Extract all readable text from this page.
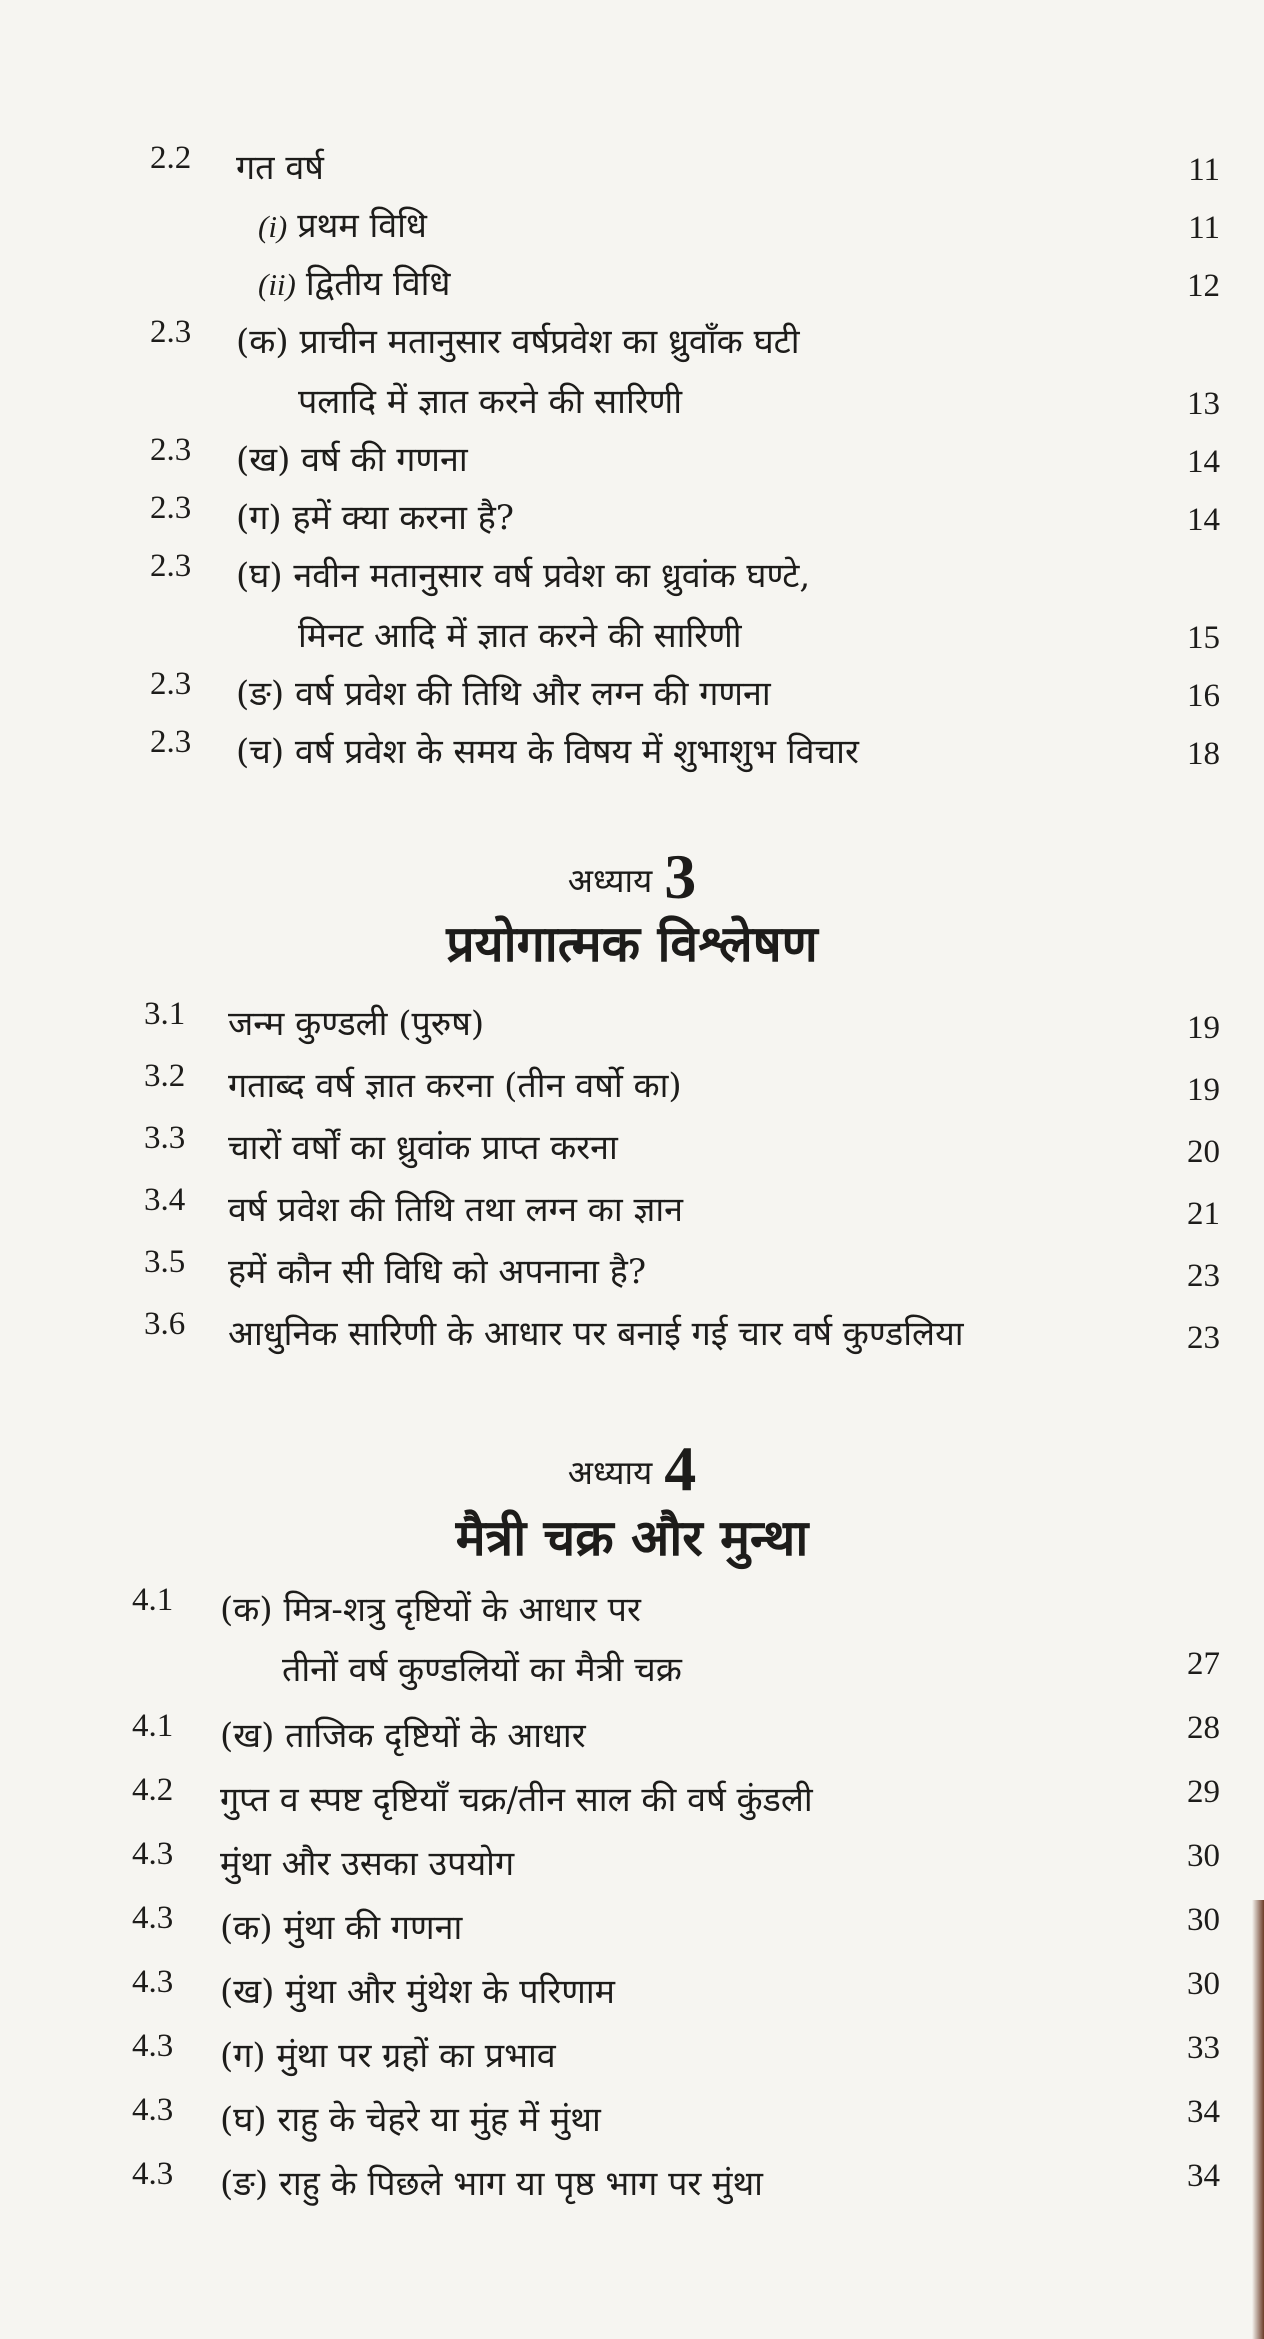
2.2 गत वर्ष	11
(i) प्रथम विधि	11
(ii) द्वितीय विधि	12
2.3 (क) प्राचीन मतानुसार वर्षप्रवेश का ध्रुवाँक घटी
पलादि में ज्ञात करने की सारिणी	13
2.3 (ख) वर्ष की गणना	14
2.3 (ग) हमें क्या करना है?	14
2.3 (घ) नवीन मतानुसार वर्ष प्रवेश का ध्रुवांक घण्टे,
मिनट आदि में ज्ञात करने की सारिणी	15
2.3 (ङ) वर्ष प्रवेश की तिथि और लग्न की गणना	16
2.3 (च) वर्ष प्रवेश के समय के विषय में शुभाशुभ विचार	18
अध्याय 3
प्रयोगात्मक विश्लेषण
3.1 जन्म कुण्डली (पुरुष)	19
3.2 गताब्द वर्ष ज्ञात करना (तीन वर्षो का)	19
3.3 चारों वर्षों का ध्रुवांक प्राप्त करना	20
3.4 वर्ष प्रवेश की तिथि तथा लग्न का ज्ञान	21
3.5 हमें कौन सी विधि को अपनाना है?	23
3.6 आधुनिक सारिणी के आधार पर बनाई गई चार वर्ष कुण्डलिया	23
अध्याय 4
मैत्री चक्र और मुन्था
4.1 (क) मित्र-शत्रु दृष्टियों के आधार पर
तीनों वर्ष कुण्डलियों का मैत्री चक्र	27
4.1 (ख) ताजिक दृष्टियों के आधार	28
4.2 गुप्त व स्पष्ट दृष्टियाँ चक्र/तीन साल की वर्ष कुंडली	29
4.3 मुंथा और उसका उपयोग	30
4.3 (क) मुंथा की गणना	30
4.3 (ख) मुंथा और मुंथेश के परिणाम	30
4.3 (ग) मुंथा पर ग्रहों का प्रभाव	33
4.3 (घ) राहु के चेहरे या मुंह में मुंथा	34
4.3 (ङ) राहु के पिछले भाग या पृष्ठ भाग पर मुंथा	34
